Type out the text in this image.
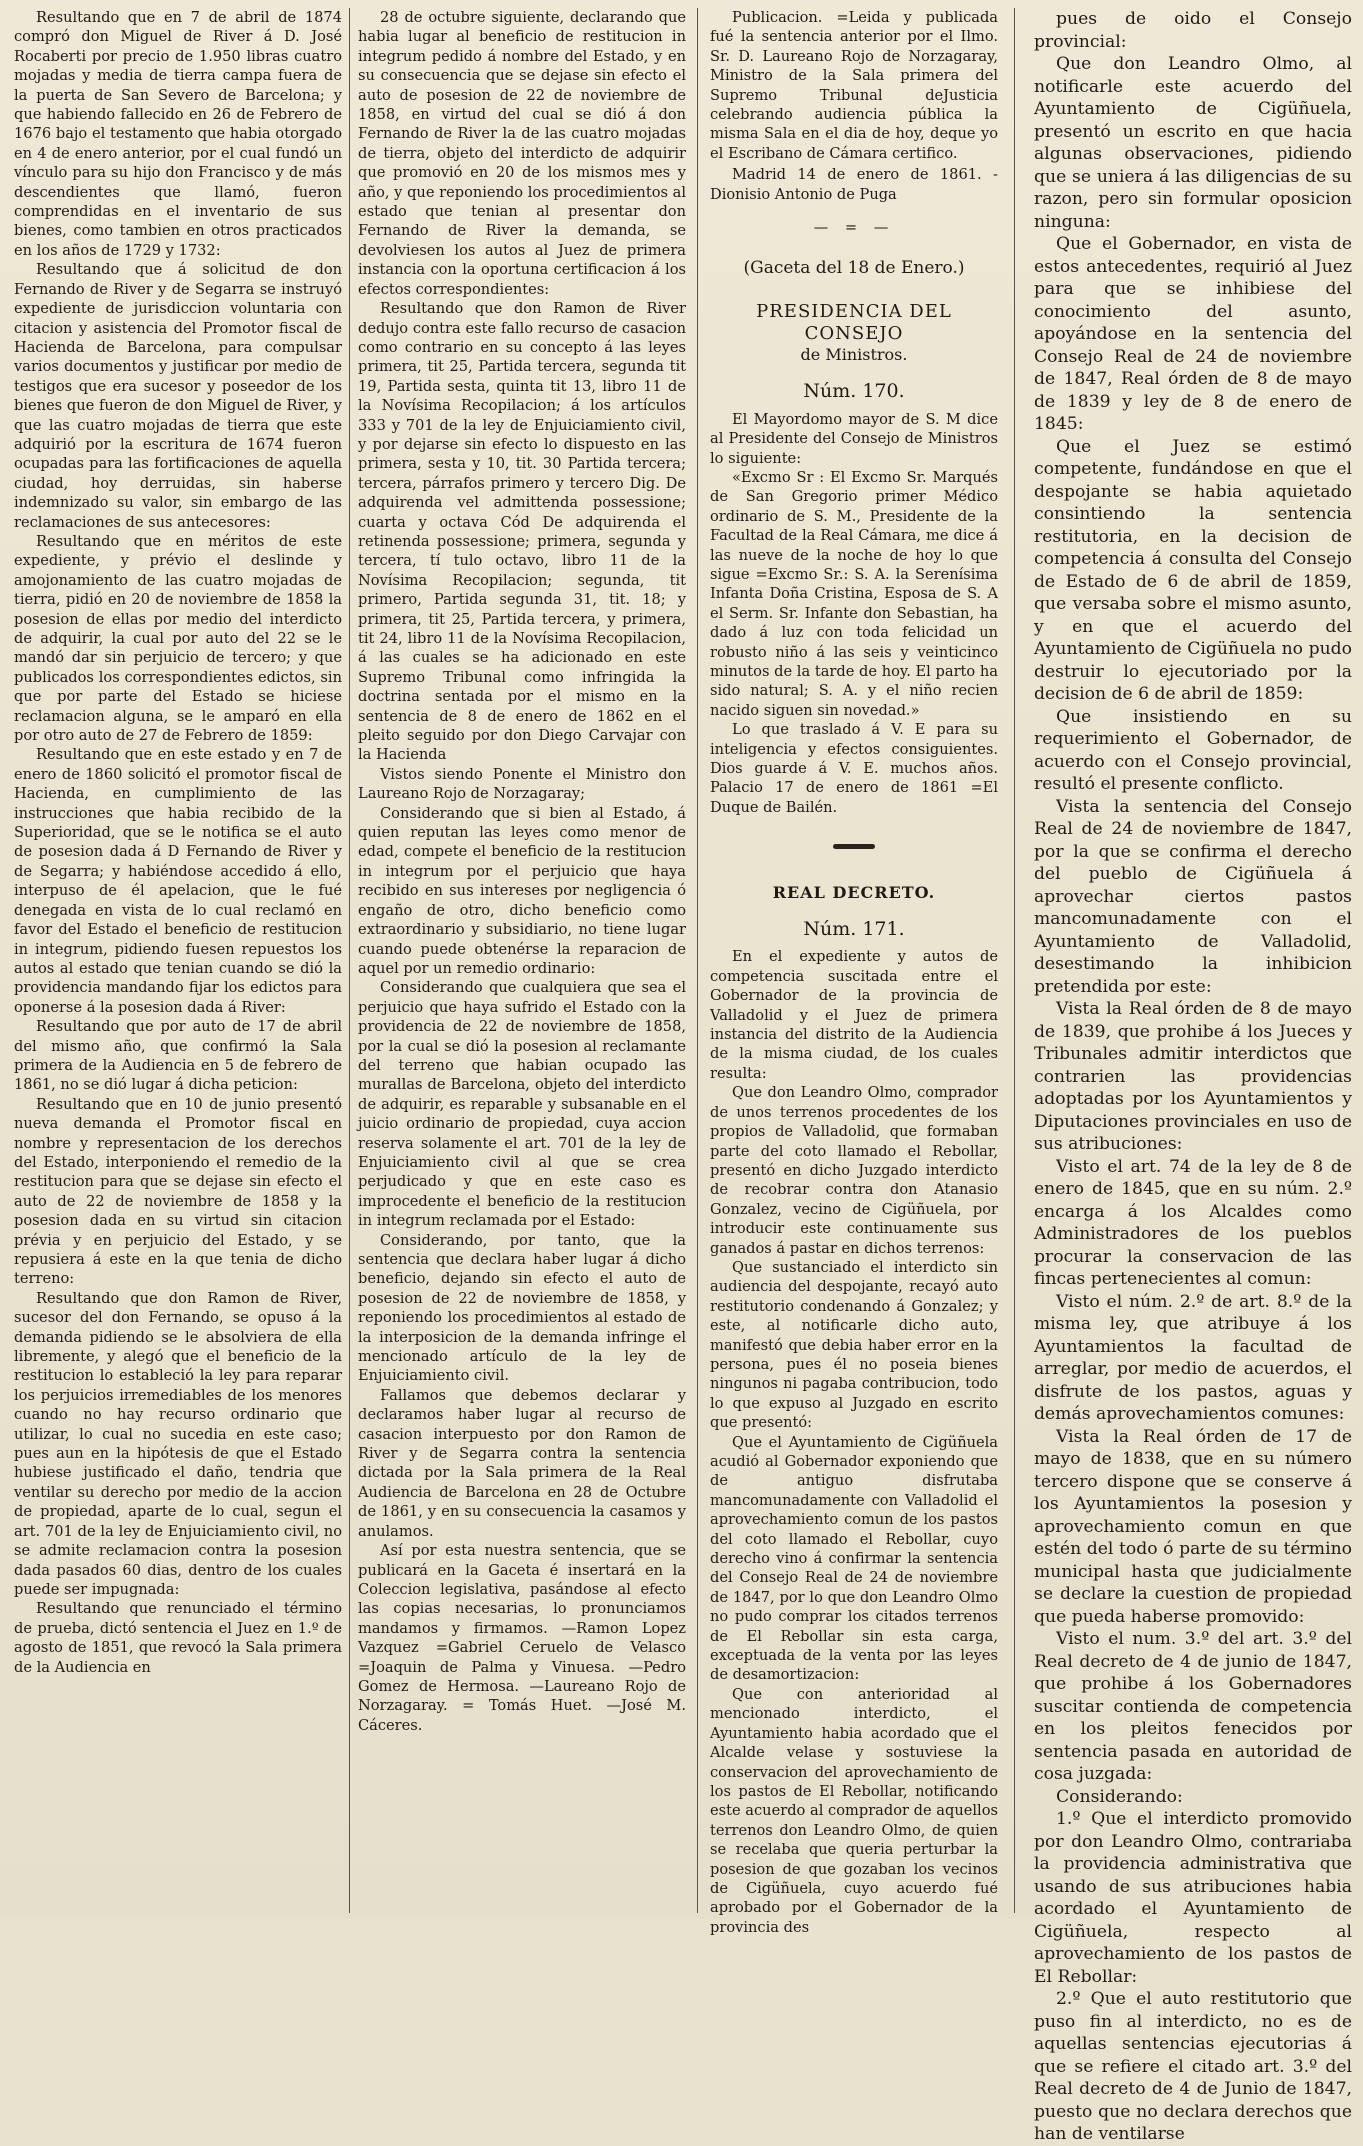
Resultando que en 7 de abril de 1874 compró don Miguel de River á D. José Rocaberti por precio de 1.950 libras cuatro mojadas y media de tierra campa fuera de la puerta de San Severo de Barcelona; y que habiendo fallecido en 26 de Febrero de 1676 bajo el testamento que habia otorgado en 4 de enero anterior, por el cual fundó un vínculo para su hijo don Francisco y de más descendientes que llamó, fueron comprendidas en el inventario de sus bienes, como tambien en otros practicados en los años de 1729 y 1732:

Resultando que á solicitud de don Fernando de River y de Segarra se instruyó expediente de jurisdiccion voluntaria con citacion y asistencia del Promotor fiscal de Hacienda de Barcelona, para compulsar varios documentos y justificar por medio de testigos que era sucesor y poseedor de los bienes que fueron de don Miguel de River, y que las cuatro mojadas de tierra que este adquirió por la escritura de 1674 fueron ocupadas para las fortificaciones de aquella ciudad, hoy derruidas, sin haberse indemnizado su valor, sin embargo de las reclamaciones de sus antecesores:

Resultando que en méritos de este expediente, y prévio el deslinde y amojonamiento de las cuatro mojadas de tierra, pidió en 20 de noviembre de 1858 la posesion de ellas por medio del interdicto de adquirir, la cual por auto del 22 se le mandó dar sin perjuicio de tercero; y que publicados los correspondientes edictos, sin que por parte del Estado se hiciese reclamacion alguna, se le amparó en ella por otro auto de 27 de Febrero de 1859:

Resultando que en este estado y en 7 de enero de 1860 solicitó el promotor fiscal de Hacienda, en cumplimiento de las instrucciones que habia recibido de la Superioridad, que se le notifica se el auto de posesion dada á D Fernando de River y de Segarra; y habiéndose accedido á ello, interpuso de él apelacion, que le fué denegada en vista de lo cual reclamó en favor del Estado el beneficio de restitucion in integrum, pidiendo fuesen repuestos los autos al estado que tenian cuando se dió la providencia mandando fijar los edictos para oponerse á la posesion dada á River:

Resultando que por auto de 17 de abril del mismo año, que confirmó la Sala primera de la Audiencia en 5 de febrero de 1861, no se dió lugar á dicha peticion:

Resultando que en 10 de junio presentó nueva demanda el Promotor fiscal en nombre y representacion de los derechos del Estado, interponiendo el remedio de la restitucion para que se dejase sin efecto el auto de 22 de noviembre de 1858 y la posesion dada en su virtud sin citacion prévia y en perjuicio del Estado, y se repusiera á este en la que tenia de dicho terreno:

Resultando que don Ramon de River, sucesor del don Fernando, se opuso á la demanda pidiendo se le absolviera de ella libremente, y alegó que el beneficio de la restitucion lo estableció la ley para reparar los perjuicios irremediables de los menores cuando no hay recurso ordinario que utilizar, lo cual no sucedia en este caso; pues aun en la hipótesis de que el Estado hubiese justificado el daño, tendria que ventilar su derecho por medio de la accion de propiedad, aparte de lo cual, segun el art. 701 de la ley de Enjuiciamiento civil, no se admite reclamacion contra la posesion dada pasados 60 dias, dentro de los cuales puede ser impugnada:

Resultando que renunciado el término de prueba, dictó sentencia el Juez en 1.º de agosto de 1851, que revocó la Sala primera de la Audiencia en

28 de octubre siguiente, declarando que habia lugar al beneficio de restitucion in integrum pedido á nombre del Estado, y en su consecuencia que se dejase sin efecto el auto de posesion de 22 de noviembre de 1858, en virtud del cual se dió á don Fernando de River la de las cuatro mojadas de tierra, objeto del interdicto de adquirir que promovió en 20 de los mismos mes y año, y que reponiendo los procedimientos al estado que tenian al presentar don Fernando de River la demanda, se devolviesen los autos al Juez de primera instancia con la oportuna certificacion á los efectos correspondientes:

Resultando que don Ramon de River dedujo contra este fallo recurso de casacion como contrario en su concepto á las leyes primera, tit 25, Partida tercera, segunda tit 19, Partida sesta, quinta tit 13, libro 11 de la Novísima Recopilacion; á los artículos 333 y 701 de la ley de Enjuiciamiento civil, y por dejarse sin efecto lo dispuesto en las primera, sesta y 10, tit. 30 Partida tercera; tercera, párrafos primero y tercero Dig. De adquirenda vel admittenda possessione; cuarta y octava Cód De adquirenda el retinenda possessione; primera, segunda y tercera, tí tulo octavo, libro 11 de la Novísima Recopilacion; segunda, tit primero, Partida segunda 31, tit. 18; y primera, tit 25, Partida tercera, y primera, tit 24, libro 11 de la Novísima Recopilacion, á las cuales se ha adicionado en este Supremo Tribunal como infringida la doctrina sentada por el mismo en la sentencia de 8 de enero de 1862 en el pleito seguido por don Diego Carvajar con la Hacienda

Vistos siendo Ponente el Ministro don Laureano Rojo de Norzagaray;

Considerando que si bien al Estado, á quien reputan las leyes como menor de edad, compete el beneficio de la restitucion in integrum por el perjuicio que haya recibido en sus intereses por negligencia ó engaño de otro, dicho beneficio como extraordinario y subsidiario, no tiene lugar cuando puede obtenérse la reparacion de aquel por un remedio ordinario:

Considerando que cualquiera que sea el perjuicio que haya sufrido el Estado con la providencia de 22 de noviembre de 1858, por la cual se dió la posesion al reclamante del terreno que habian ocupado las murallas de Barcelona, objeto del interdicto de adquirir, es reparable y subsanable en el juicio ordinario de propiedad, cuya accion reserva solamente el art. 701 de la ley de Enjuiciamiento civil al que se crea perjudicado y que en este caso es improcedente el beneficio de la restitucion in integrum reclamada por el Estado:

Considerando, por tanto, que la sentencia que declara haber lugar á dicho beneficio, dejando sin efecto el auto de posesion de 22 de noviembre de 1858, y reponiendo los procedimientos al estado de la interposicion de la demanda infringe el mencionado artículo de la ley de Enjuiciamiento civil.

Fallamos que debemos declarar y declaramos haber lugar al recurso de casacion interpuesto por don Ramon de River y de Segarra contra la sentencia dictada por la Sala primera de la Real Audiencia de Barcelona en 28 de Octubre de 1861, y en su consecuencia la casamos y anulamos.

Así por esta nuestra sentencia, que se publicará en la Gaceta é insertará en la Coleccion legislativa, pasándose al efecto las copias necesarias, lo pronunciamos mandamos y firmamos. —Ramon Lopez Vazquez =Gabriel Ceruelo de Velasco =Joaquin de Palma y Vinuesa. —Pedro Gomez de Hermosa. —Laureano Rojo de Norzagaray. = Tomás Huet. —José M. Cáceres.

Publicacion. =Leida y publicada fué la sentencia anterior por el Ilmo. Sr. D. Laureano Rojo de Norzagaray, Ministro de la Sala primera del Supremo Tribunal deJusticia celebrando audiencia pública la misma Sala en el dia de hoy, deque yo el Escribano de Cámara certifico.

Madrid 14 de enero de 1861. -Dionisio Antonio de Puga

— = —

(Gaceta del 18 de Enero.)

PRESIDENCIA DEL CONSEJO

de Ministros.

Núm. 170.

El Mayordomo mayor de S. M dice al Presidente del Consejo de Ministros lo siguiente:

«Excmo Sr : El Excmo Sr. Marqués de San Gregorio primer Médico ordinario de S. M., Presidente de la Facultad de la Real Cámara, me dice á las nueve de la noche de hoy lo que sigue =Excmo Sr.: S. A. la Serenísima Infanta Doña Cristina, Esposa de S. A el Serm. Sr. Infante don Sebastian, ha dado á luz con toda felicidad un robusto niño á las seis y veinticinco minutos de la tarde de hoy. El parto ha sido natural; S. A. y el niño recien nacido siguen sin novedad.»

Lo que traslado á V. E para su inteligencia y efectos consiguientes. Dios guarde á V. E. muchos años. Palacio 17 de enero de 1861 =El Duque de Bailén.

REAL DECRETO.

Núm. 171.

En el expediente y autos de competencia suscitada entre el Gobernador de la provincia de Valladolid y el Juez de primera instancia del distrito de la Audiencia de la misma ciudad, de los cuales resulta:

Que don Leandro Olmo, comprador de unos terrenos procedentes de los propios de Valladolid, que formaban parte del coto llamado el Rebollar, presentó en dicho Juzgado interdicto de recobrar contra don Atanasio Gonzalez, vecino de Cigüñuela, por introducir este continuamente sus ganados á pastar en dichos terrenos:

Que sustanciado el interdicto sin audiencia del despojante, recayó auto restitutorio condenando á Gonzalez; y este, al notificarle dicho auto, manifestó que debia haber error en la persona, pues él no poseia bienes ningunos ni pagaba contribucion, todo lo que expuso al Juzgado en escrito que presentó:

Que el Ayuntamiento de Cigüñuela acudió al Gobernador exponiendo que de antiguo disfrutaba mancomunadamente con Valladolid el aprovechamiento comun de los pastos del coto llamado el Rebollar, cuyo derecho vino á confirmar la sentencia del Consejo Real de 24 de noviembre de 1847, por lo que don Leandro Olmo no pudo comprar los citados terrenos de El Rebollar sin esta carga, exceptuada de la venta por las leyes de desamortizacion:

Que con anterioridad al mencionado interdicto, el Ayuntamiento habia acordado que el Alcalde velase y sostuviese la conservacion del aprovechamiento de los pastos de El Rebollar, notificando este acuerdo al comprador de aquellos terrenos don Leandro Olmo, de quien se recelaba que queria perturbar la posesion de que gozaban los vecinos de Cigüñuela, cuyo acuerdo fué aprobado por el Gobernador de la provincia des

pues de oido el Consejo provincial:

Que don Leandro Olmo, al notificarle este acuerdo del Ayuntamiento de Cigüñuela, presentó un escrito en que hacia algunas observaciones, pidiendo que se uniera á las diligencias de su razon, pero sin formular oposicion ninguna:

Que el Gobernador, en vista de estos antecedentes, requirió al Juez para que se inhibiese del conocimiento del asunto, apoyándose en la sentencia del Consejo Real de 24 de noviembre de 1847, Real órden de 8 de mayo de 1839 y ley de 8 de enero de 1845:

Que el Juez se estimó competente, fundándose en que el despojante se habia aquietado consintiendo la sentencia restitutoria, en la decision de competencia á consulta del Consejo de Estado de 6 de abril de 1859, que versaba sobre el mismo asunto, y en que el acuerdo del Ayuntamiento de Cigüñuela no pudo destruir lo ejecutoriado por la decision de 6 de abril de 1859:

Que insistiendo en su requerimiento el Gobernador, de acuerdo con el Consejo provincial, resultó el presente conflicto.

Vista la sentencia del Consejo Real de 24 de noviembre de 1847, por la que se confirma el derecho del pueblo de Cigüñuela á aprovechar ciertos pastos mancomunadamente con el Ayuntamiento de Valladolid, desestimando la inhibicion pretendida por este:

Vista la Real órden de 8 de mayo de 1839, que prohibe á los Jueces y Tribunales admitir interdictos que contrarien las providencias adoptadas por los Ayuntamientos y Diputaciones provinciales en uso de sus atribuciones:

Visto el art. 74 de la ley de 8 de enero de 1845, que en su núm. 2.º encarga á los Alcaldes como Administradores de los pueblos procurar la conservacion de las fincas pertenecientes al comun:

Visto el núm. 2.º de art. 8.º de la misma ley, que atribuye á los Ayuntamientos la facultad de arreglar, por medio de acuerdos, el disfrute de los pastos, aguas y demás aprovechamientos comunes:

Vista la Real órden de 17 de mayo de 1838, que en su número tercero dispone que se conserve á los Ayuntamientos la posesion y aprovechamiento comun en que estén del todo ó parte de su término municipal hasta que judicialmente se declare la cuestion de propiedad que pueda haberse promovido:

Visto el num. 3.º del art. 3.º del Real decreto de 4 de junio de 1847, que prohibe á los Gobernadores suscitar contienda de competencia en los pleitos fenecidos por sentencia pasada en autoridad de cosa juzgada:

Considerando:

1.º Que el interdicto promovido por don Leandro Olmo, contrariaba la providencia administrativa que usando de sus atribuciones habia acordado el Ayuntamiento de Cigüñuela, respecto al aprovechamiento de los pastos de El Rebollar:

2.º Que el auto restitutorio que puso fin al interdicto, no es de aquellas sentencias ejecutorias á que se refiere el citado art. 3.º del Real decreto de 4 de Junio de 1847, puesto que no declara derechos que han de ventilarse
